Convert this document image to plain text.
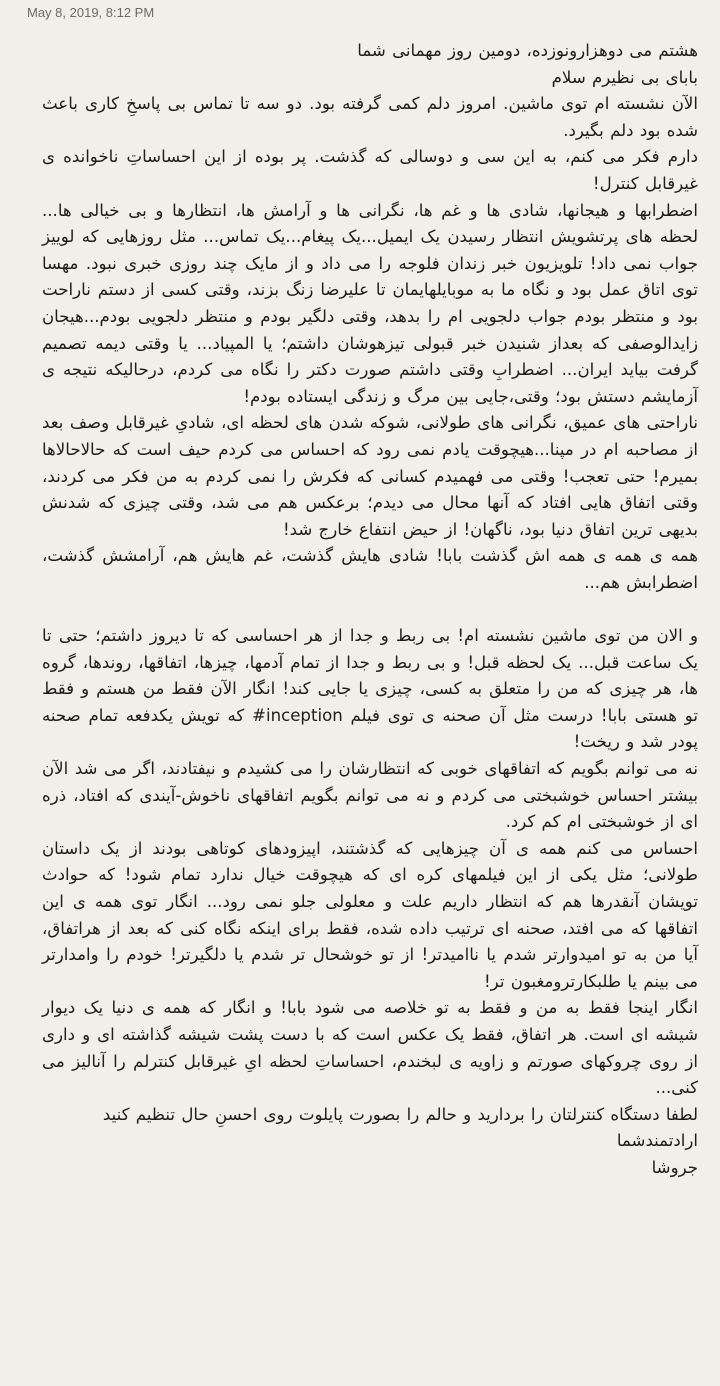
May 8, 2019, 8:12 PM

هشتم می دوهزارونوزده، دومین روز مهمانی شما

بابای بی نظیرم سلام

الآن نشسته ام توی ماشین. امروز دلم کمی گرفته بود. دو سه تا تماس بی پاسخِ کاری باعث شده بود دلم بگیرد.

دارم فکر می کنم، به این سی و دوسالی که گذشت. پر بوده از این احساساتِ ناخوانده ی غیرقابل کنترل!

اضطرابها و هیجانها، شادی ها و غم ها، نگرانی ها و آرامش ها، انتظارها و بی خیالی ها... لحظه های پرتشویش انتظار رسیدن یک ایمیل...یک پیغام...یک تماس... مثل روزهایی که لوییز جواب نمی داد! تلویزیون خبر زندان فلوجه را می داد و از مایک چند روزی خبری نبود. مهسا توی اتاق عمل بود و نگاه ما به موبایلهایمان تا علیرضا زنگ بزند، وقتی کسی از دستم ناراحت بود و منتظر بودم جواب دلجویی ام را بدهد، وقتی دلگیر بودم و منتظر دلجویی بودم...هیجان زایدالوصفی که بعداز شنیدن خبر قبولی تیزهوشان داشتم؛ یا المپیاد... یا وقتی دیمه تصمیم گرفت بیاید ایران... اضطرابِ وقتی داشتم صورت دکتر را نگاه می کردم، درحالیکه نتیجه ی آزمایشم دستش بود؛ وقتی،جایی بین مرگ و زندگی ایستاده بودم!

ناراحتی های عمیق، نگرانی های طولانی، شوکه شدن های لحظه ای، شادیِ غیرقابل وصف بعد از مصاحبه ام در مپنا...هیچوقت یادم نمی رود که احساس می کردم حیف است که حالاحالاها بمیرم! حتی تعجب! وقتی می فهمیدم کسانی که فکرش را نمی کردم به من فکر می کردند، وقتی اتفاق هایی افتاد که آنها محال می دیدم؛ برعکس هم می شد، وقتی چیزی که شدنش بدیهی ترین اتفاق دنیا بود، ناگهان! از حیض انتفاع خارج شد!

همه ی همه ی همه اش گذشت بابا! شادی هایش گذشت، غم هایش هم، آرامشش گذشت، اضطرابش هم...

و الان من توی ماشین نشسته ام! بی ربط و جدا از هر احساسی که تا دیروز داشتم؛ حتی تا یک ساعت قبل... یک لحظه قبل! و بی ربط و جدا از تمام آدمها، چیزها، اتفاقها، روندها، گروه ها، هر چیزی که من را متعلق به کسی، چیزی یا جایی کند! انگار الآن فقط من هستم و فقط تو هستی بابا! درست مثل آن صحنه ی توی فیلم inception# که تویش یکدفعه تمام صحنه پودر شد و ریخت!

نه می توانم بگویم که اتفاقهای خوبی که انتظارشان را می کشیدم و نیفتادند، اگر می شد الآن بیشتر احساس خوشبختی می کردم و نه می توانم بگویم اتفاقهای ناخوش-آیندی که افتاد، ذره ای از خوشبختی ام کم کرد.

احساس می کنم همه ی آن چیزهایی که گذشتند، اپیزودهای کوتاهی بودند از یک داستان طولانی؛ مثل یکی از این فیلمهای کره ای که هیچوقت خیال ندارد تمام شود! که حوادث تویشان آنقدرها هم که انتظار داریم علت و معلولی جلو نمی رود... انگار توی همه ی این اتفاقها که می افتد، صحنه ای ترتیب داده شده، فقط برای اینکه نگاه کنی که بعد از هراتفاق، آیا من به تو امیدوارتر شدم یا ناامیدتر! از تو خوشحال تر شدم یا دلگیرتر! خودم را وامدارتر می بینم یا طلبکارترومغبون تر!

انگار اینجا فقط به من و فقط به تو خلاصه می شود بابا! و انگار که همه ی دنیا یک دیوار شیشه ای است. هر اتفاق، فقط یک عکس است که با دست پشت شیشه گذاشته ای و داری از روی چروکهای صورتم و زاویه ی لبخندم، احساساتِ لحظه ایِ غیرقابل کنترلم را آنالیز می کنی...

لطفا دستگاه کنترلتان را بردارید و حالم را بصورت پایلوت روی احسنِ حال تنظیم کنید

ارادتمندشما

جروشا
